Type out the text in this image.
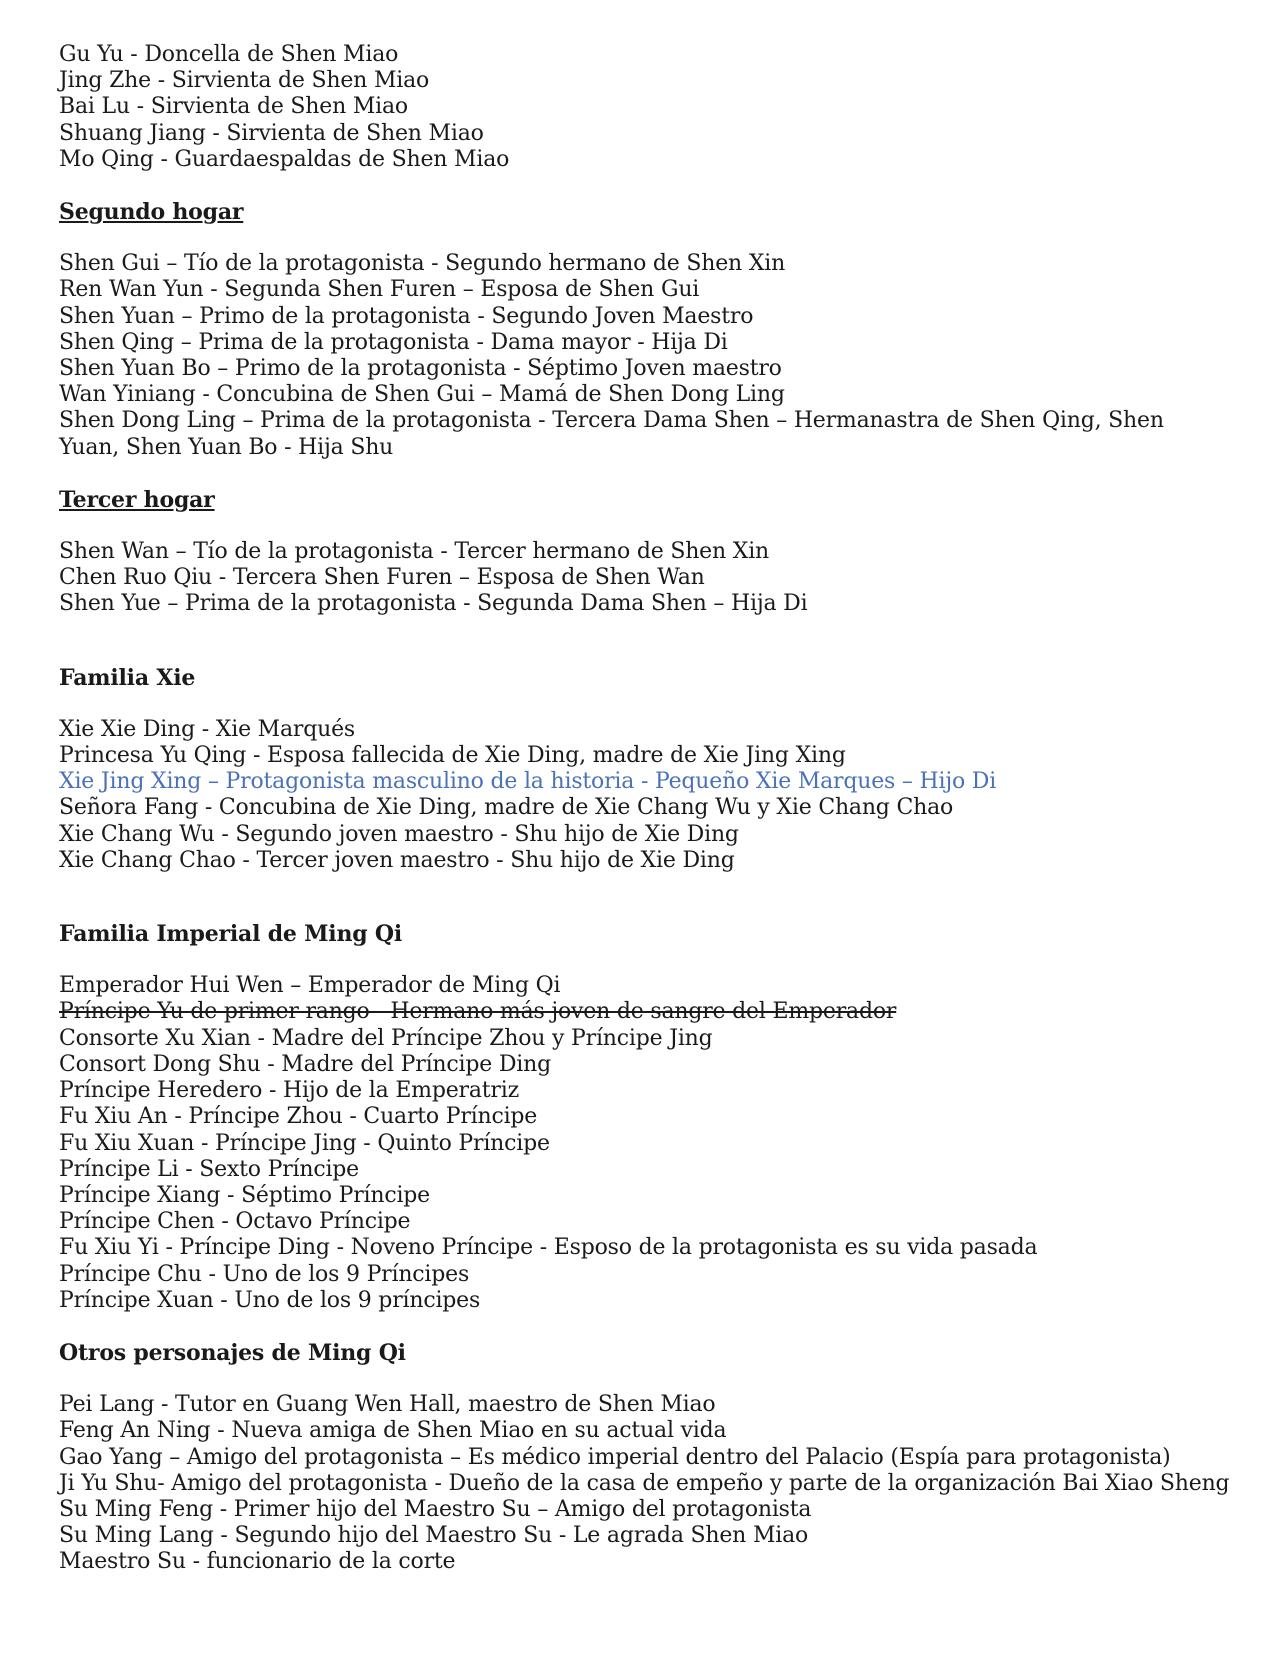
Gu Yu - Doncella de Shen Miao
Jing Zhe - Sirvienta de Shen Miao
Bai Lu - Sirvienta de Shen Miao
Shuang Jiang - Sirvienta de Shen Miao
Mo Qing - Guardaespaldas de Shen Miao
Segundo hogar
Shen Gui – Tío de la protagonista - Segundo hermano de Shen Xin
Ren Wan Yun - Segunda Shen Furen – Esposa de Shen Gui
Shen Yuan – Primo de la protagonista - Segundo Joven Maestro
Shen Qing – Prima de la protagonista - Dama mayor - Hija Di
Shen Yuan Bo – Primo de la protagonista - Séptimo Joven maestro
Wan Yiniang - Concubina de Shen Gui – Mamá de Shen Dong Ling
Shen Dong Ling – Prima de la protagonista - Tercera Dama Shen – Hermanastra de Shen Qing, Shen Yuan, Shen Yuan Bo - Hija Shu
Tercer hogar
Shen Wan – Tío de la protagonista - Tercer hermano de Shen Xin
Chen Ruo Qiu - Tercera Shen Furen – Esposa de Shen Wan
Shen Yue – Prima de la protagonista - Segunda Dama Shen – Hija Di
Familia Xie
Xie Xie Ding - Xie Marqués
Princesa Yu Qing - Esposa fallecida de Xie Ding, madre de Xie Jing Xing
Xie Jing Xing – Protagonista masculino de la historia - Pequeño Xie Marques – Hijo Di
Señora Fang - Concubina de Xie Ding, madre de Xie Chang Wu y Xie Chang Chao
Xie Chang Wu - Segundo joven maestro - Shu hijo de Xie Ding
Xie Chang Chao - Tercer joven maestro - Shu hijo de Xie Ding
Familia Imperial de Ming Qi
Emperador Hui Wen – Emperador de Ming Qi
Príncipe Yu de primer rango - Hermano más joven de sangre del Emperador
Consorte Xu Xian - Madre del Príncipe Zhou y Príncipe Jing
Consort Dong Shu - Madre del Príncipe Ding
Príncipe Heredero - Hijo de la Emperatriz
Fu Xiu An - Príncipe Zhou - Cuarto Príncipe
Fu Xiu Xuan - Príncipe Jing - Quinto Príncipe
Príncipe Li - Sexto Príncipe
Príncipe Xiang - Séptimo Príncipe
Príncipe Chen - Octavo Príncipe
Fu Xiu Yi - Príncipe Ding - Noveno Príncipe - Esposo de la protagonista es su vida pasada
Príncipe Chu - Uno de los 9 Príncipes
Príncipe Xuan - Uno de los 9 príncipes
Otros personajes de Ming Qi
Pei Lang - Tutor en Guang Wen Hall, maestro de Shen Miao
Feng An Ning - Nueva amiga de Shen Miao en su actual vida
Gao Yang – Amigo del protagonista – Es médico imperial dentro del Palacio (Espía para protagonista)
Ji Yu Shu- Amigo del protagonista - Dueño de la casa de empeño y parte de la organización Bai Xiao Sheng
Su Ming Feng - Primer hijo del Maestro Su – Amigo del protagonista
Su Ming Lang - Segundo hijo del Maestro Su - Le agrada Shen Miao
Maestro Su - funcionario de la corte
